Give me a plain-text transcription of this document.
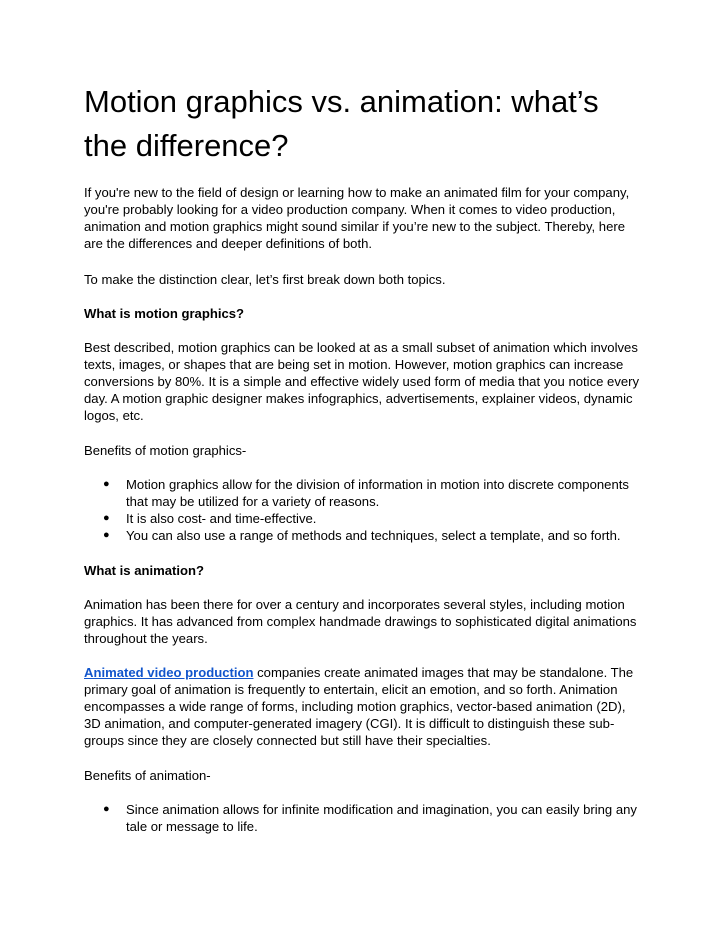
Motion graphics vs. animation: what’s the difference?

If you're new to the field of design or learning how to make an animated film for your company, you're probably looking for a video production company. When it comes to video production, animation and motion graphics might sound similar if you’re new to the subject. Thereby, here are the differences and deeper definitions of both.

To make the distinction clear, let’s first break down both topics.

What is motion graphics?

Best described, motion graphics can be looked at as a small subset of animation which involves texts, images, or shapes that are being set in motion. However, motion graphics can increase conversions by 80%. It is a simple and effective widely used form of media that you notice every day. A motion graphic designer makes infographics, advertisements, explainer videos, dynamic logos, etc.

Benefits of motion graphics-

● Motion graphics allow for the division of information in motion into discrete components that may be utilized for a variety of reasons.
● It is also cost- and time-effective.
● You can also use a range of methods and techniques, select a template, and so forth.

What is animation?

Animation has been there for over a century and incorporates several styles, including motion graphics. It has advanced from complex handmade drawings to sophisticated digital animations throughout the years.

Animated video production companies create animated images that may be standalone. The primary goal of animation is frequently to entertain, elicit an emotion, and so forth. Animation encompasses a wide range of forms, including motion graphics, vector-based animation (2D), 3D animation, and computer-generated imagery (CGI). It is difficult to distinguish these sub-groups since they are closely connected but still have their specialties.

Benefits of animation-

● Since animation allows for infinite modification and imagination, you can easily bring any tale or message to life.
